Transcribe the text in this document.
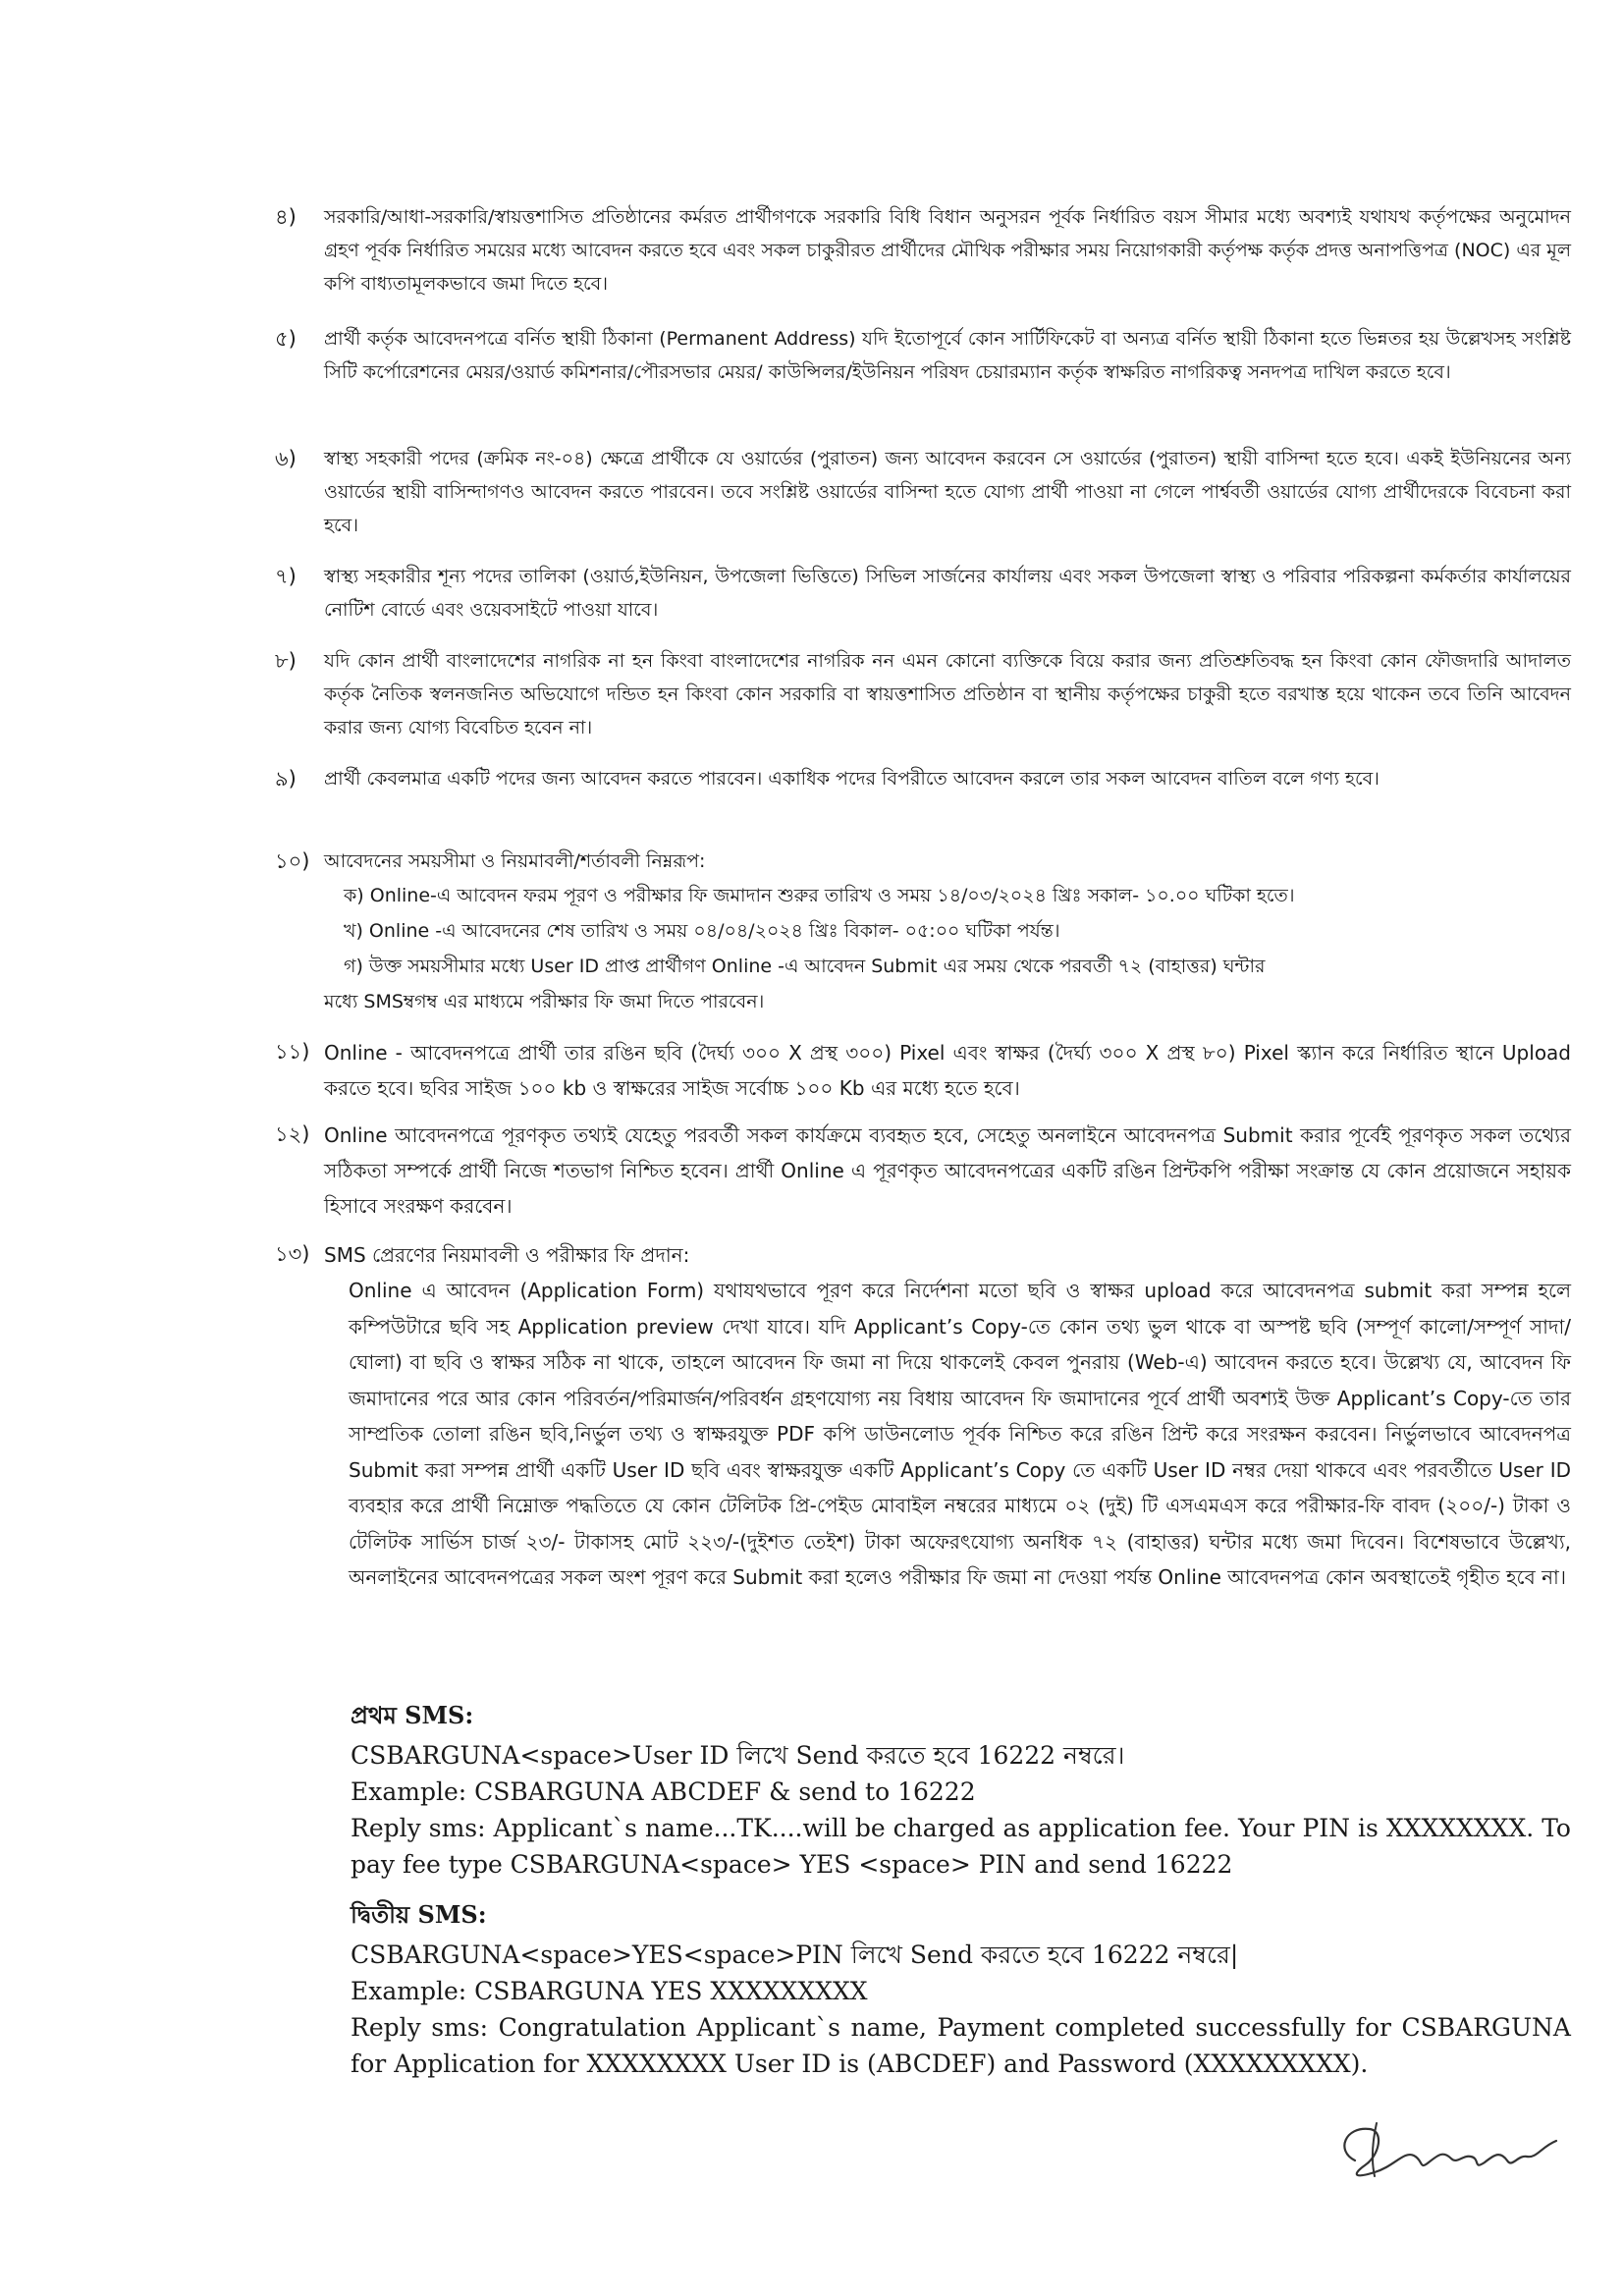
৪)	সরকারি/আধা-সরকারি/স্বায়ত্তশাসিত প্রতিষ্ঠানের কর্মরত প্রার্থীগণকে সরকারি বিধি বিধান অনুসরন পূর্বক নির্ধারিত বয়স সীমার মধ্যে অবশ্যই যথাযথ কর্তৃপক্ষের অনুমোদন গ্রহণ পূর্বক নির্ধারিত সময়ের মধ্যে আবেদন করতে হবে এবং সকল চাকুরীরত প্রার্থীদের মৌখিক পরীক্ষার সময় নিয়োগকারী কর্তৃপক্ষ কর্তৃক প্রদত্ত অনাপত্তিপত্র (NOC) এর মূল কপি বাধ্যতামূলকভাবে জমা দিতে হবে।
৫)	প্রার্থী কর্তৃক আবেদনপত্রে বর্নিত স্থায়ী ঠিকানা (Permanent Address) যদি ইতোপূর্বে কোন সার্টিফিকেট বা অন্যত্র বর্নিত স্থায়ী ঠিকানা হতে ভিন্নতর হয় উল্লেখসহ সংশ্লিষ্ট সিটি কর্পোরেশনের মেয়র/ওয়ার্ড কমিশনার/পৌরসভার মেয়র/ কাউন্সিলর/ইউনিয়ন পরিষদ চেয়ারম্যান কর্তৃক স্বাক্ষরিত নাগরিকত্ব সনদপত্র দাখিল করতে হবে।
৬)	স্বাস্থ্য সহকারী পদের (ক্রমিক নং-০৪) ক্ষেত্রে প্রার্থীকে যে ওয়ার্ডের (পুরাতন) জন্য আবেদন করবেন সে ওয়ার্ডের (পুরাতন) স্থায়ী বাসিন্দা হতে হবে। একই ইউনিয়নের অন্য ওয়ার্ডের স্থায়ী বাসিন্দাগণও আবেদন করতে পারবেন। তবে সংশ্লিষ্ট ওয়ার্ডের বাসিন্দা হতে যোগ্য প্রার্থী পাওয়া না গেলে পার্শ্ববর্তী ওয়ার্ডের যোগ্য প্রার্থীদেরকে বিবেচনা করা হবে।
৭)	স্বাস্থ্য সহকারীর শূন্য পদের তালিকা (ওয়ার্ড,ইউনিয়ন, উপজেলা ভিত্তিতে) সিভিল সার্জনের কার্যালয় এবং সকল উপজেলা স্বাস্থ্য ও পরিবার পরিকল্পনা কর্মকর্তার কার্যালয়ের নোটিশ বোর্ডে এবং ওয়েবসাইটে পাওয়া যাবে।
৮)	যদি কোন প্রার্থী বাংলাদেশের নাগরিক না হন কিংবা বাংলাদেশের নাগরিক নন এমন কোনো ব্যক্তিকে বিয়ে করার জন্য প্রতিশ্রুতিবদ্ধ হন কিংবা কোন ফৌজদারি আদালত কর্তৃক নৈতিক স্বলনজনিত অভিযোগে দন্ডিত হন কিংবা কোন সরকারি বা স্বায়ত্তশাসিত প্রতিষ্ঠান বা স্থানীয় কর্তৃপক্ষের চাকুরী হতে বরখাস্ত হয়ে থাকেন তবে তিনি আবেদন করার জন্য যোগ্য বিবেচিত হবেন না।
৯)	প্রার্থী কেবলমাত্র একটি পদের জন্য আবেদন করতে পারবেন। একাধিক পদের বিপরীতে আবেদন করলে তার সকল আবেদন বাতিল বলে গণ্য হবে।
১০) আবেদনের সময়সীমা ও নিয়মাবলী/শর্তাবলী নিম্নরূপ:
ক) Online-এ আবেদন ফরম পূরণ ও পরীক্ষার ফি জমাদান শুরুর তারিখ ও সময় ১৪/০৩/২০২৪ খ্রিঃ সকাল- ১০.০০ ঘটিকা হতে।
খ) Online -এ আবেদনের শেষ তারিখ ও সময় ০৪/০৪/২০২৪ খ্রিঃ বিকাল- ০৫:০০ ঘটিকা পর্যন্ত।
গ) উক্ত সময়সীমার মধ্যে User ID প্রাপ্ত প্রার্থীগণ Online -এ আবেদন Submit এর সময় থেকে পরবর্তী ৭২ (বাহাত্তর) ঘন্টার
মধ্যে SMSম্বগম্ব এর মাধ্যমে পরীক্ষার ফি জমা দিতে পারবেন।
১১) Online - আবেদনপত্রে প্রার্থী তার রঙিন ছবি (দৈর্ঘ্য ৩০০ X প্রস্থ ৩০০) Pixel এবং স্বাক্ষর (দৈর্ঘ্য ৩০০ X প্রস্থ ৮০) Pixel স্ক্যান করে নির্ধারিত স্থানে Upload করতে হবে। ছবির সাইজ ১০০ kb ও স্বাক্ষরের সাইজ সর্বোচ্চ ১০০ Kb এর মধ্যে হতে হবে।
১২) Online আবেদনপত্রে পূরণকৃত তথ্যই যেহেতু পরবর্তী সকল কার্যক্রমে ব্যবহৃত হবে, সেহেতু অনলাইনে আবেদনপত্র Submit করার পূর্বেই পূরণকৃত সকল তথ্যের সঠিকতা সম্পর্কে প্রার্থী নিজে শতভাগ নিশ্চিত হবেন। প্রার্থী Online এ পূরণকৃত আবেদনপত্রের একটি রঙিন প্রিন্টকপি পরীক্ষা সংক্রান্ত যে কোন প্রয়োজনে সহায়ক হিসাবে সংরক্ষণ করবেন।
১৩) SMS প্রেরণের নিয়মাবলী ও পরীক্ষার ফি প্রদান:
Online এ আবেদন (Application Form) যথাযথভাবে পূরণ করে নির্দেশনা মতো ছবি ও স্বাক্ষর upload করে আবেদনপত্র submit করা সম্পন্ন হলে কম্পিউটারে ছবি সহ Application preview দেখা যাবে। যদি Applicant’s Copy-তে কোন তথ্য ভুল থাকে বা অস্পষ্ট ছবি (সম্পূর্ণ কালো/সম্পূর্ণ সাদা/ঘোলা) বা ছবি ও স্বাক্ষর সঠিক না থাকে, তাহলে আবেদন ফি জমা না দিয়ে থাকলেই কেবল পুনরায় (Web-এ) আবেদন করতে হবে। উল্লেখ্য যে, আবেদন ফি জমাদানের পরে আর কোন পরিবর্তন/পরিমার্জন/পরিবর্ধন গ্রহণযোগ্য নয় বিধায় আবেদন ফি জমাদানের পূর্বে প্রার্থী অবশ্যই উক্ত Applicant’s Copy-তে তার সাম্প্রতিক তোলা রঙিন ছবি,নির্ভুল তথ্য ও স্বাক্ষরযুক্ত PDF কপি ডাউনলোড পূর্বক নিশ্চিত করে রঙিন প্রিন্ট করে সংরক্ষন করবেন। নির্ভুলভাবে আবেদনপত্র Submit করা সম্পন্ন প্রার্থী একটি User ID ছবি এবং স্বাক্ষরযুক্ত একটি Applicant’s Copy তে একটি User ID নম্বর দেয়া থাকবে এবং পরবর্তীতে User ID ব্যবহার করে প্রার্থী নিম্নোক্ত পদ্ধতিতে যে কোন টেলিটক প্রি-পেইড মোবাইল নম্বরের মাধ্যমে ০২ (দুই) টি এসএমএস করে পরীক্ষার-ফি বাবদ (২০০/-) টাকা ও টেলিটক সার্ভিস চার্জ ২৩/- টাকাসহ মোট ২২৩/-(দুইশত তেইশ) টাকা অফেরৎযোগ্য অনধিক ৭২ (বাহাত্তর) ঘন্টার মধ্যে জমা দিবেন। বিশেষভাবে উল্লেখ্য, অনলাইনের আবেদনপত্রের সকল অংশ পূরণ করে Submit করা হলেও পরীক্ষার ফি জমা না দেওয়া পর্যন্ত Online আবেদনপত্র কোন অবস্থাতেই গৃহীত হবে না।
প্রথম SMS:

CSBARGUNA<space>User ID লিখে Send করতে হবে 16222 নম্বরে।

Example: CSBARGUNA ABCDEF & send to 16222

Reply sms: Applicant`s name...TK....will be charged as application fee. Your PIN is XXXXXXXX. To pay fee type CSBARGUNA<space> YES <space> PIN and send 16222

দ্বিতীয় SMS:

CSBARGUNA<space>YES<space>PIN লিখে Send করতে হবে 16222 নম্বরে|

Example: CSBARGUNA YES XXXXXXXXX

Reply sms: Congratulation Applicant`s name, Payment completed successfully for CSBARGUNA for Application for XXXXXXXX User ID is (ABCDEF) and Password (XXXXXXXXX).
